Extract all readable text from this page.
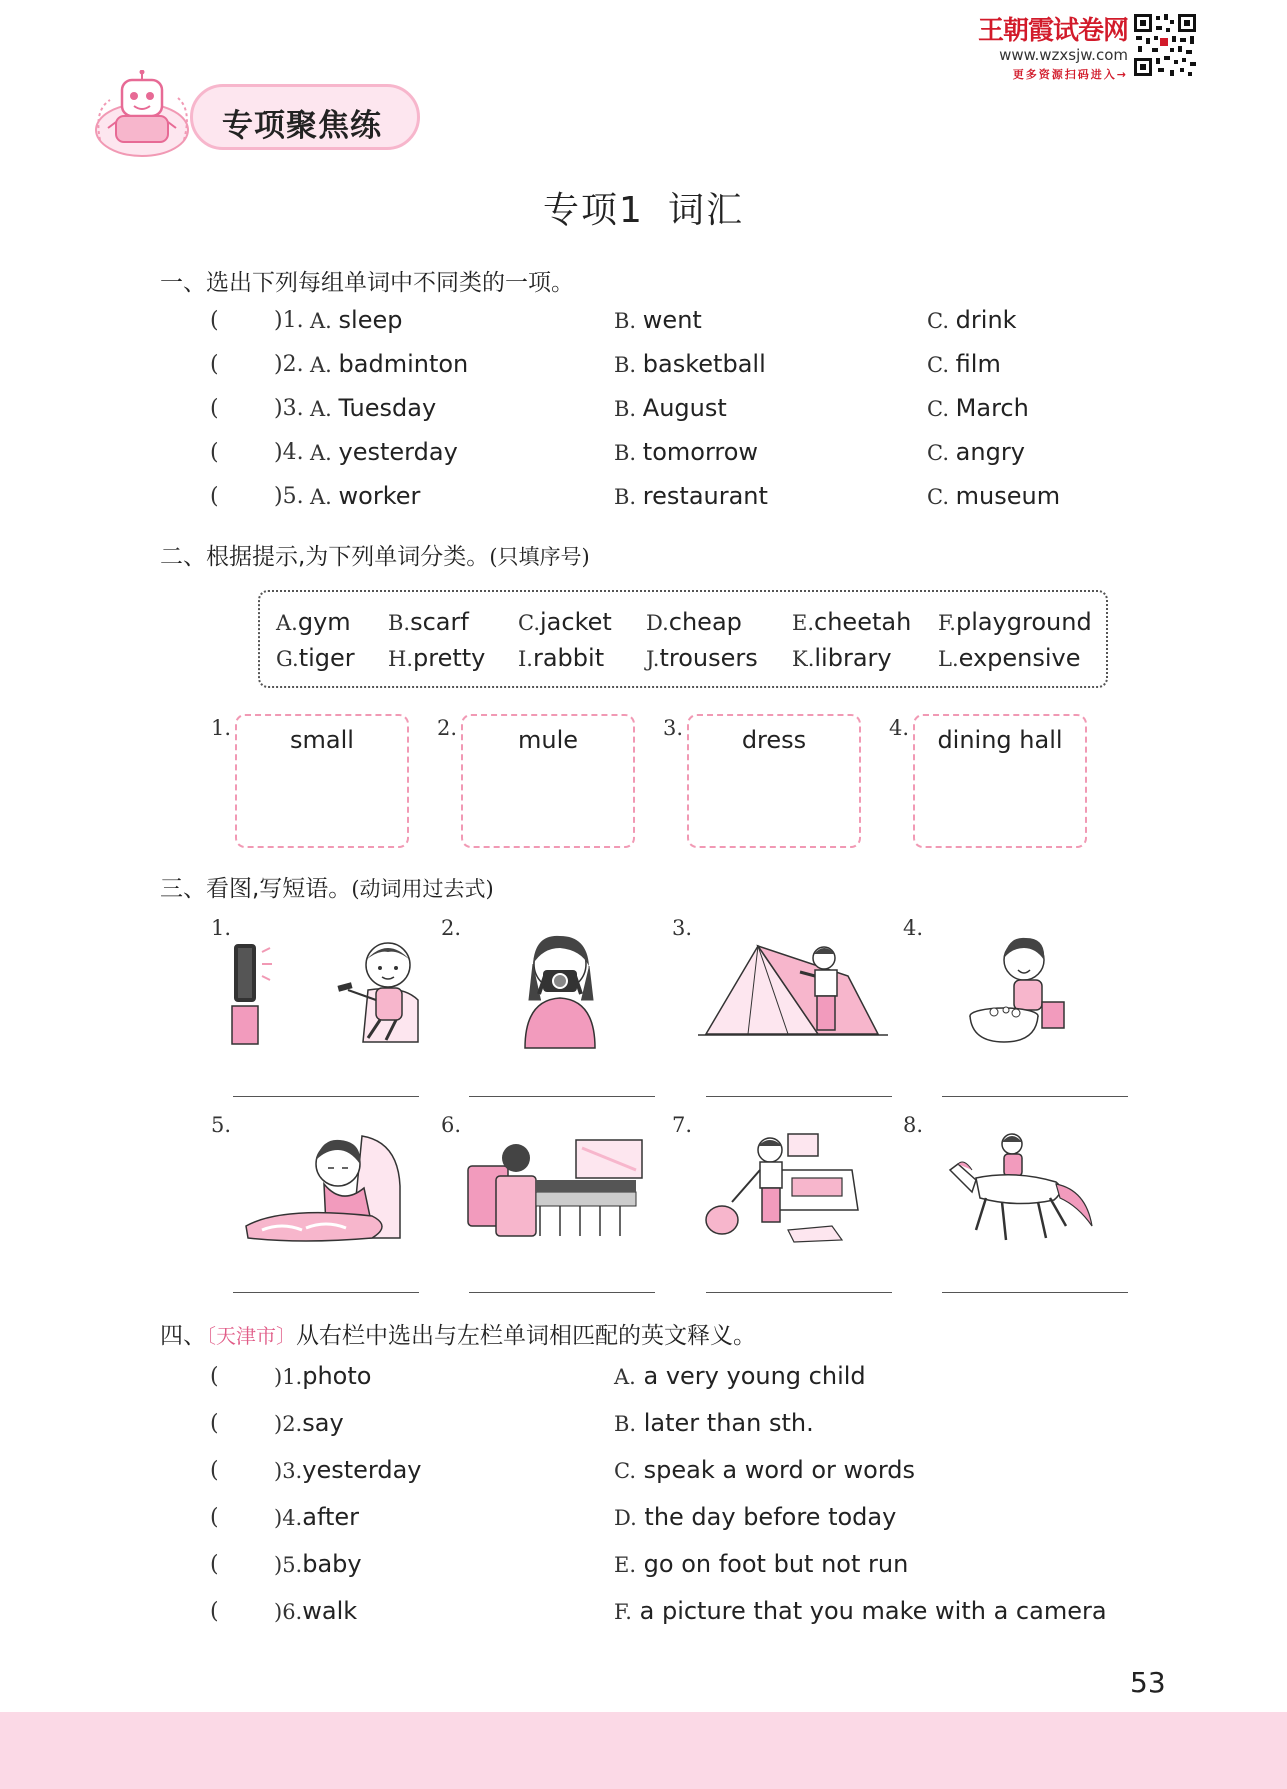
王朝霞试卷网
www.wzxsjw.com
更多资源扫码进入→
专项聚焦练
专项1 词汇
一、选出下列每组单词中不同类的一项。
(	)1. A. sleep	B. went	C. drink
(	)2. A. badminton	B. basketball	C. film
(	)3. A. Tuesday	B. August	C. March
(	)4. A. yesterday	B. tomorrow	C. angry
(	)5. A. worker	B. restaurant	C. museum
二、根据提示,为下列单词分类。(只填序号)
A.gym B.scarf C.jacket D.cheap E.cheetah F.playground
G.tiger H.pretty I.rabbit J.trousers K.library L.expensive
1.	small	2.	mule	3.	dress	4.	dining hall
三、看图,写短语。(动词用过去式)
1.	2.	3.	4.
5.	6.	7.	8.
四、〔天津市〕从右栏中选出与左栏单词相匹配的英文释义。
(	)1.photo	A. a very young child
(	)2.say	B. later than sth.
(	)3.yesterday	C. speak a word or words
(	)4.after	D. the day before today
(	)5.baby	E. go on foot but not run
(	)6.walk	F. a picture that you make with a camera
53
